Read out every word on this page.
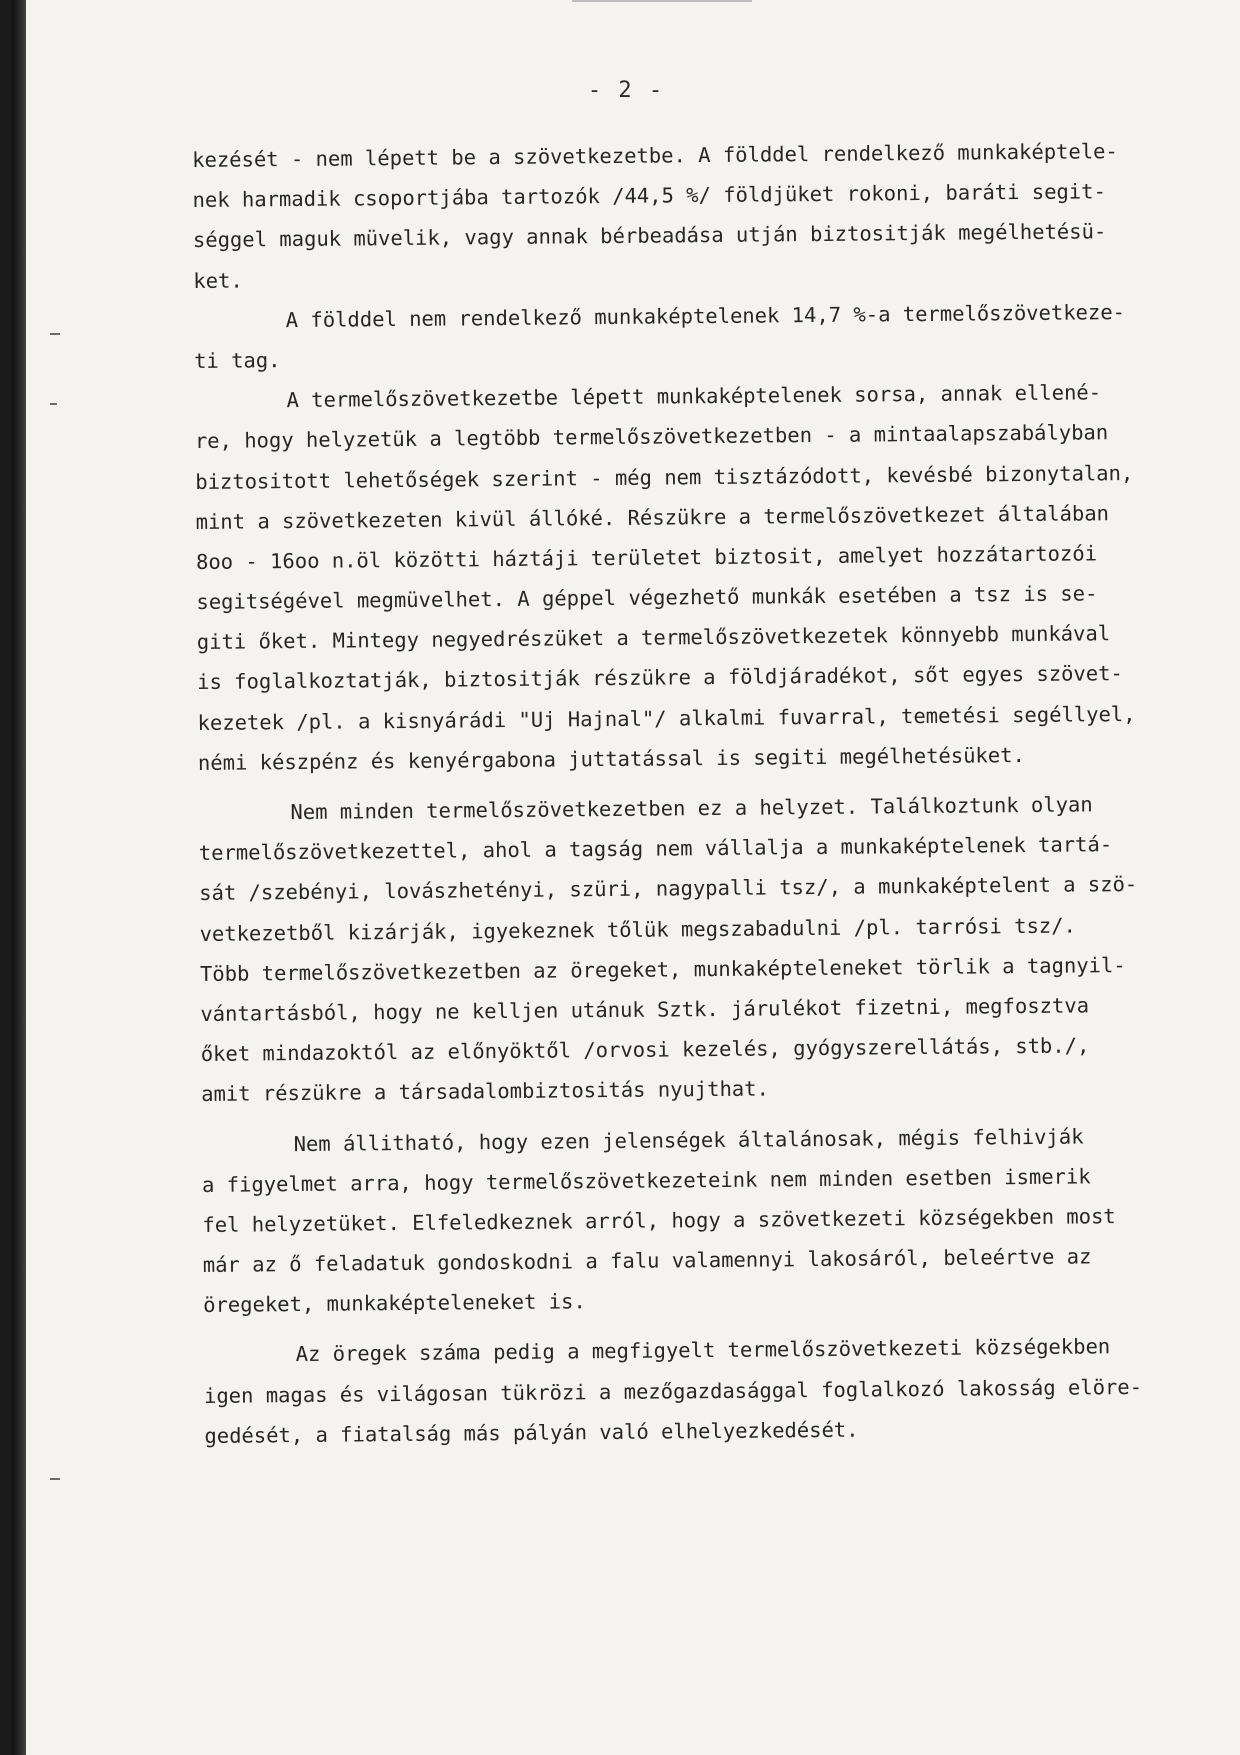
- 2 -
kezését - nem lépett be a szövetkezetbe. A földdel rendelkező munkaképtele-
nek harmadik csoportjába tartozók /44,5 %/ földjüket rokoni, baráti segit-
séggel maguk müvelik, vagy annak bérbeadása utján biztositják megélhetésü-
ket.
A földdel nem rendelkező munkaképtelenek 14,7 %-a termelőszövetkeze-
ti tag.
A termelőszövetkezetbe lépett munkaképtelenek sorsa, annak ellené-
re, hogy helyzetük a legtöbb termelőszövetkezetben - a mintaalapszabályban
biztositott lehetőségek szerint - még nem tisztázódott, kevésbé bizonytalan,
mint a szövetkezeten kivül állóké. Részükre a termelőszövetkezet általában
8oo - 16oo n.öl közötti háztáji területet biztosit, amelyet hozzátartozói
segitségével megmüvelhet. A géppel végezhető munkák esetében a tsz is se-
giti őket. Mintegy negyedrészüket a termelőszövetkezetek könnyebb munkával
is foglalkoztatják, biztositják részükre a földjáradékot, sőt egyes szövet-
kezetek /pl. a kisnyárádi "Uj Hajnal"/ alkalmi fuvarral, temetési segéllyel,
némi készpénz és kenyérgabona juttatással is segiti megélhetésüket.
Nem minden termelőszövetkezetben ez a helyzet. Találkoztunk olyan
termelőszövetkezettel, ahol a tagság nem vállalja a munkaképtelenek tartá-
sát /szebényi, lovászhetényi, szüri, nagypalli tsz/, a munkaképtelent a szö-
vetkezetből kizárják, igyekeznek tőlük megszabadulni /pl. tarrósi tsz/.
Több termelőszövetkezetben az öregeket, munkaképteleneket törlik a tagnyil-
vántartásból, hogy ne kelljen utánuk Sztk. járulékot fizetni, megfosztva
őket mindazoktól az előnyöktől /orvosi kezelés, gyógyszerellátás, stb./,
amit részükre a társadalombiztositás nyujthat.
Nem állitható, hogy ezen jelenségek általánosak, mégis felhivják
a figyelmet arra, hogy termelőszövetkezeteink nem minden esetben ismerik
fel helyzetüket. Elfeledkeznek arról, hogy a szövetkezeti községekben most
már az ő feladatuk gondoskodni a falu valamennyi lakosáról, beleértve az
öregeket, munkaképteleneket is.
Az öregek száma pedig a megfigyelt termelőszövetkezeti községekben
igen magas és világosan tükrözi a mezőgazdasággal foglalkozó lakosság elöre-
gedését, a fiatalság más pályán való elhelyezkedését.
